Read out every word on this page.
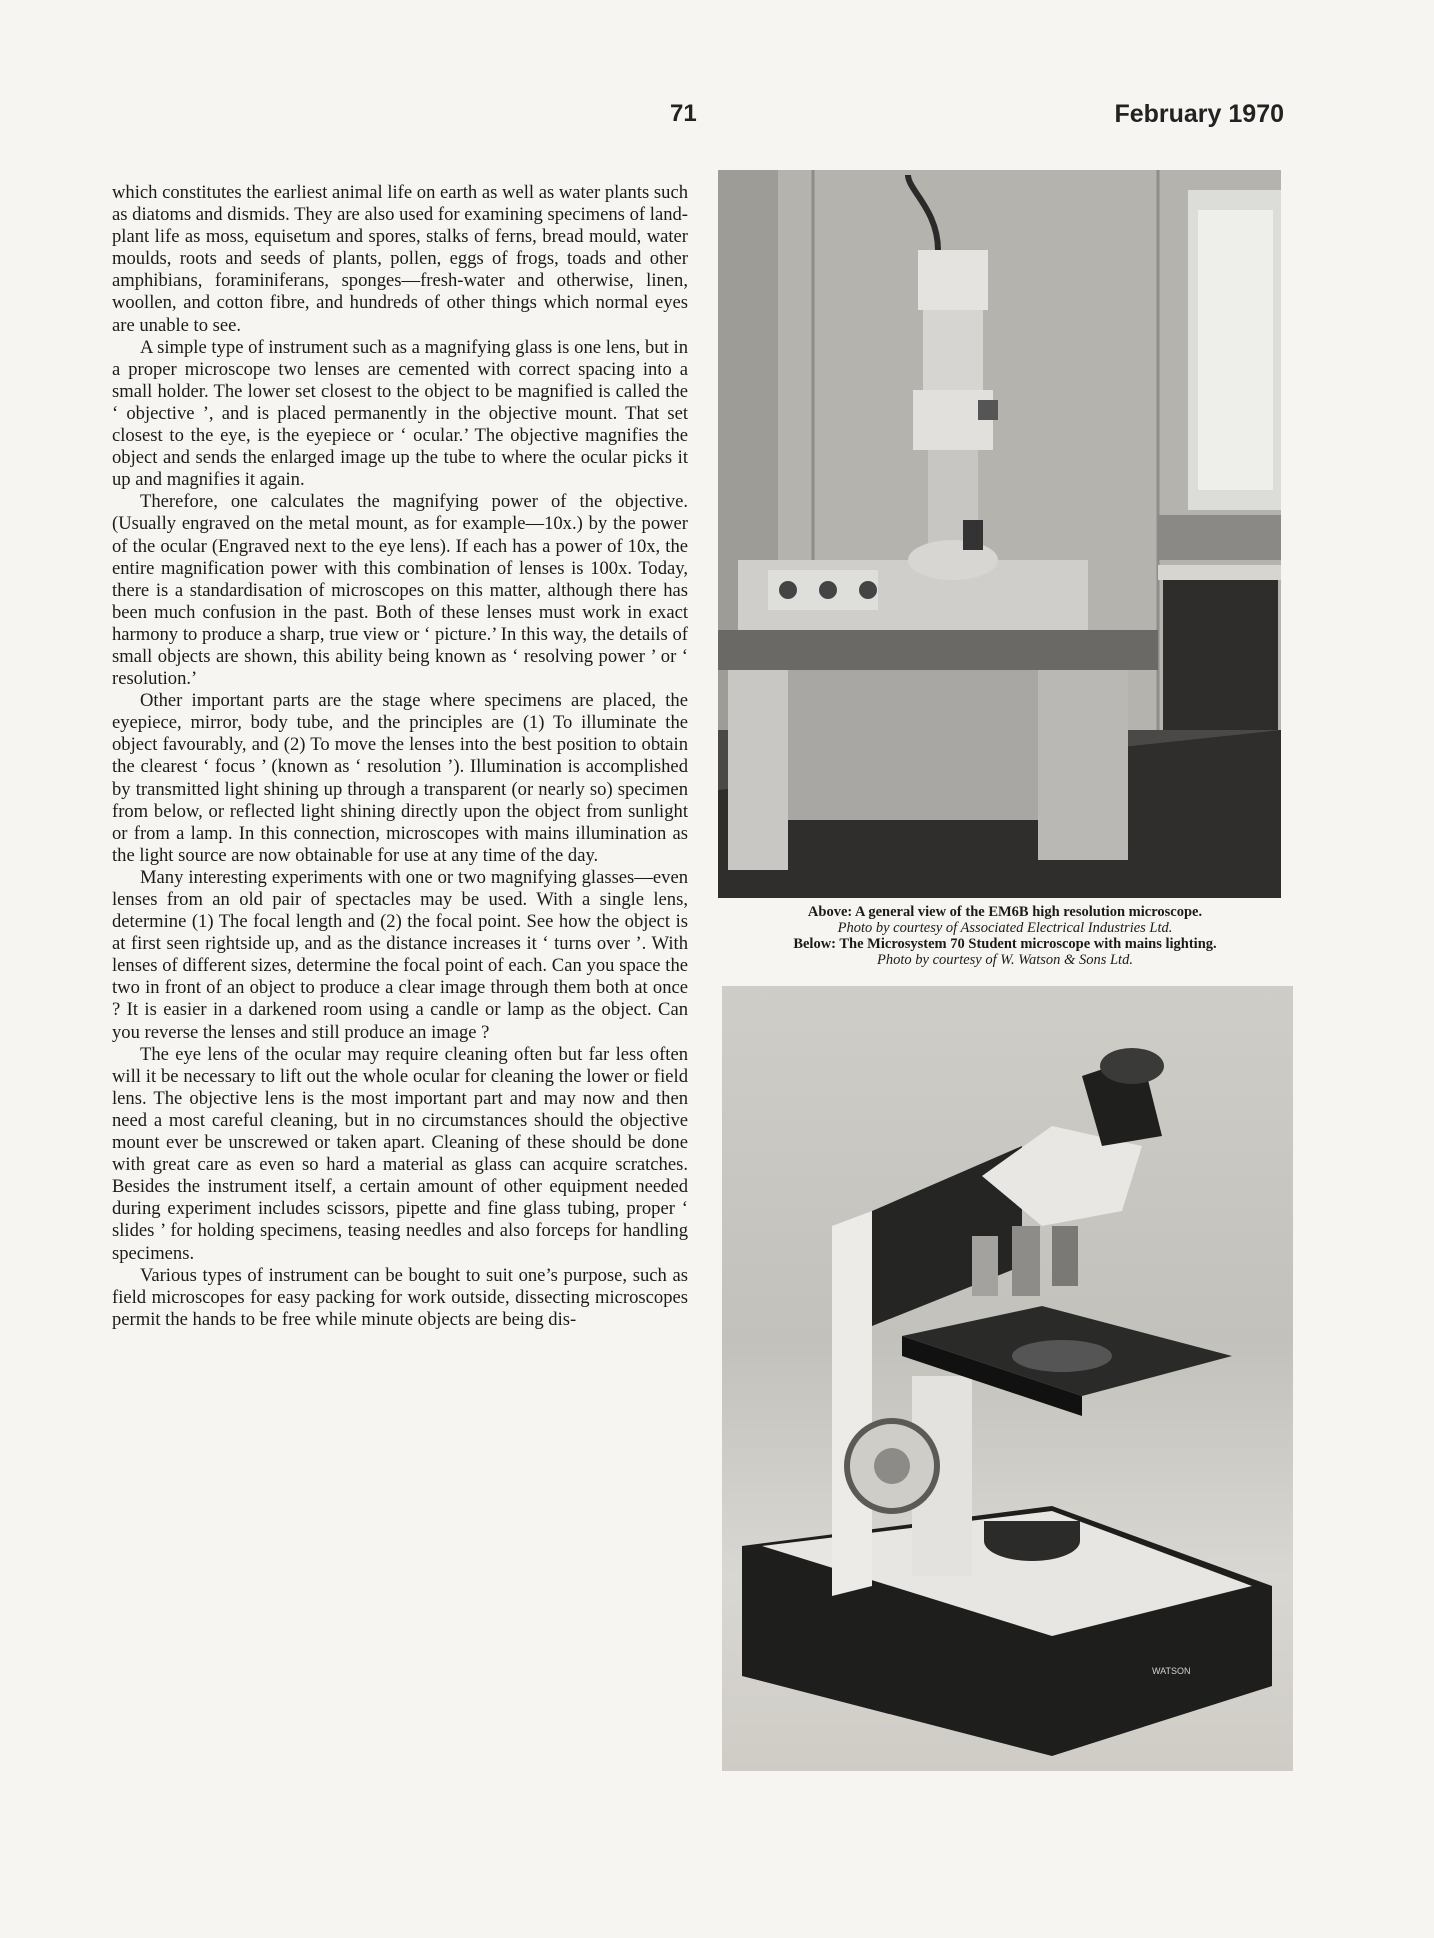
71	February 1970

which constitutes the earliest animal life on earth as well as water plants such as diatoms and dismids. They are also used for examining specimens of land-plant life as moss, equisetum and spores, stalks of ferns, bread mould, water moulds, roots and seeds of plants, pollen, eggs of frogs, toads and other amphibians, foraminiferans, sponges—fresh-water and otherwise, linen, woollen, and cotton fibre, and hundreds of other things which normal eyes are unable to see.

A simple type of instrument such as a magnifying glass is one lens, but in a proper microscope two lenses are cemented with correct spacing into a small holder. The lower set closest to the object to be magnified is called the ‘ objective ’, and is placed permanently in the objective mount. That set closest to the eye, is the eyepiece or ‘ ocular.’ The objective magnifies the object and sends the enlarged image up the tube to where the ocular picks it up and magnifies it again.

Therefore, one calculates the magnifying power of the objective. (Usually engraved on the metal mount, as for example—10x.) by the power of the ocular (Engraved next to the eye lens). If each has a power of 10x, the entire magnification power with this combination of lenses is 100x. Today, there is a standardisation of microscopes on this matter, although there has been much confusion in the past. Both of these lenses must work in exact harmony to produce a sharp, true view or ‘ picture.’ In this way, the details of small objects are shown, this ability being known as ‘ resolving power ’ or ‘ resolution.’

Other important parts are the stage where specimens are placed, the eyepiece, mirror, body tube, and the principles are (1) To illuminate the object favourably, and (2) To move the lenses into the best position to obtain the clearest ‘ focus ’ (known as ‘ resolution ’). Illumination is accomplished by transmitted light shining up through a transparent (or nearly so) specimen from below, or reflected light shining directly upon the object from sunlight or from a lamp. In this connection, microscopes with mains illumination as the light source are now obtainable for use at any time of the day.

Many interesting experiments with one or two magnifying glasses—even lenses from an old pair of spectacles may be used. With a single lens, determine (1) The focal length and (2) the focal point. See how the object is at first seen rightside up, and as the distance increases it ‘ turns over ’. With lenses of different sizes, determine the focal point of each. Can you space the two in front of an object to produce a clear image through them both at once ? It is easier in a darkened room using a candle or lamp as the object. Can you reverse the lenses and still produce an image ?

The eye lens of the ocular may require cleaning often but far less often will it be necessary to lift out the whole ocular for cleaning the lower or field lens. The objective lens is the most important part and may now and then need a most careful cleaning, but in no circumstances should the objective mount ever be unscrewed or taken apart. Cleaning of these should be done with great care as even so hard a material as glass can acquire scratches. Besides the instrument itself, a certain amount of other equipment needed during experiment includes scissors, pipette and fine glass tubing, proper ‘ slides ’ for holding specimens, teasing needles and also forceps for handling specimens.

Various types of instrument can be bought to suit one’s purpose, such as field microscopes for easy packing for work outside, dissecting microscopes permit the hands to be free while minute objects are being dis-

Above: A general view of the EM6B high resolution microscope.
Photo by courtesy of Associated Electrical Industries Ltd.
Below: The Microsystem 70 Student microscope with mains lighting.
Photo by courtesy of W. Watson & Sons Ltd.
WATSON
